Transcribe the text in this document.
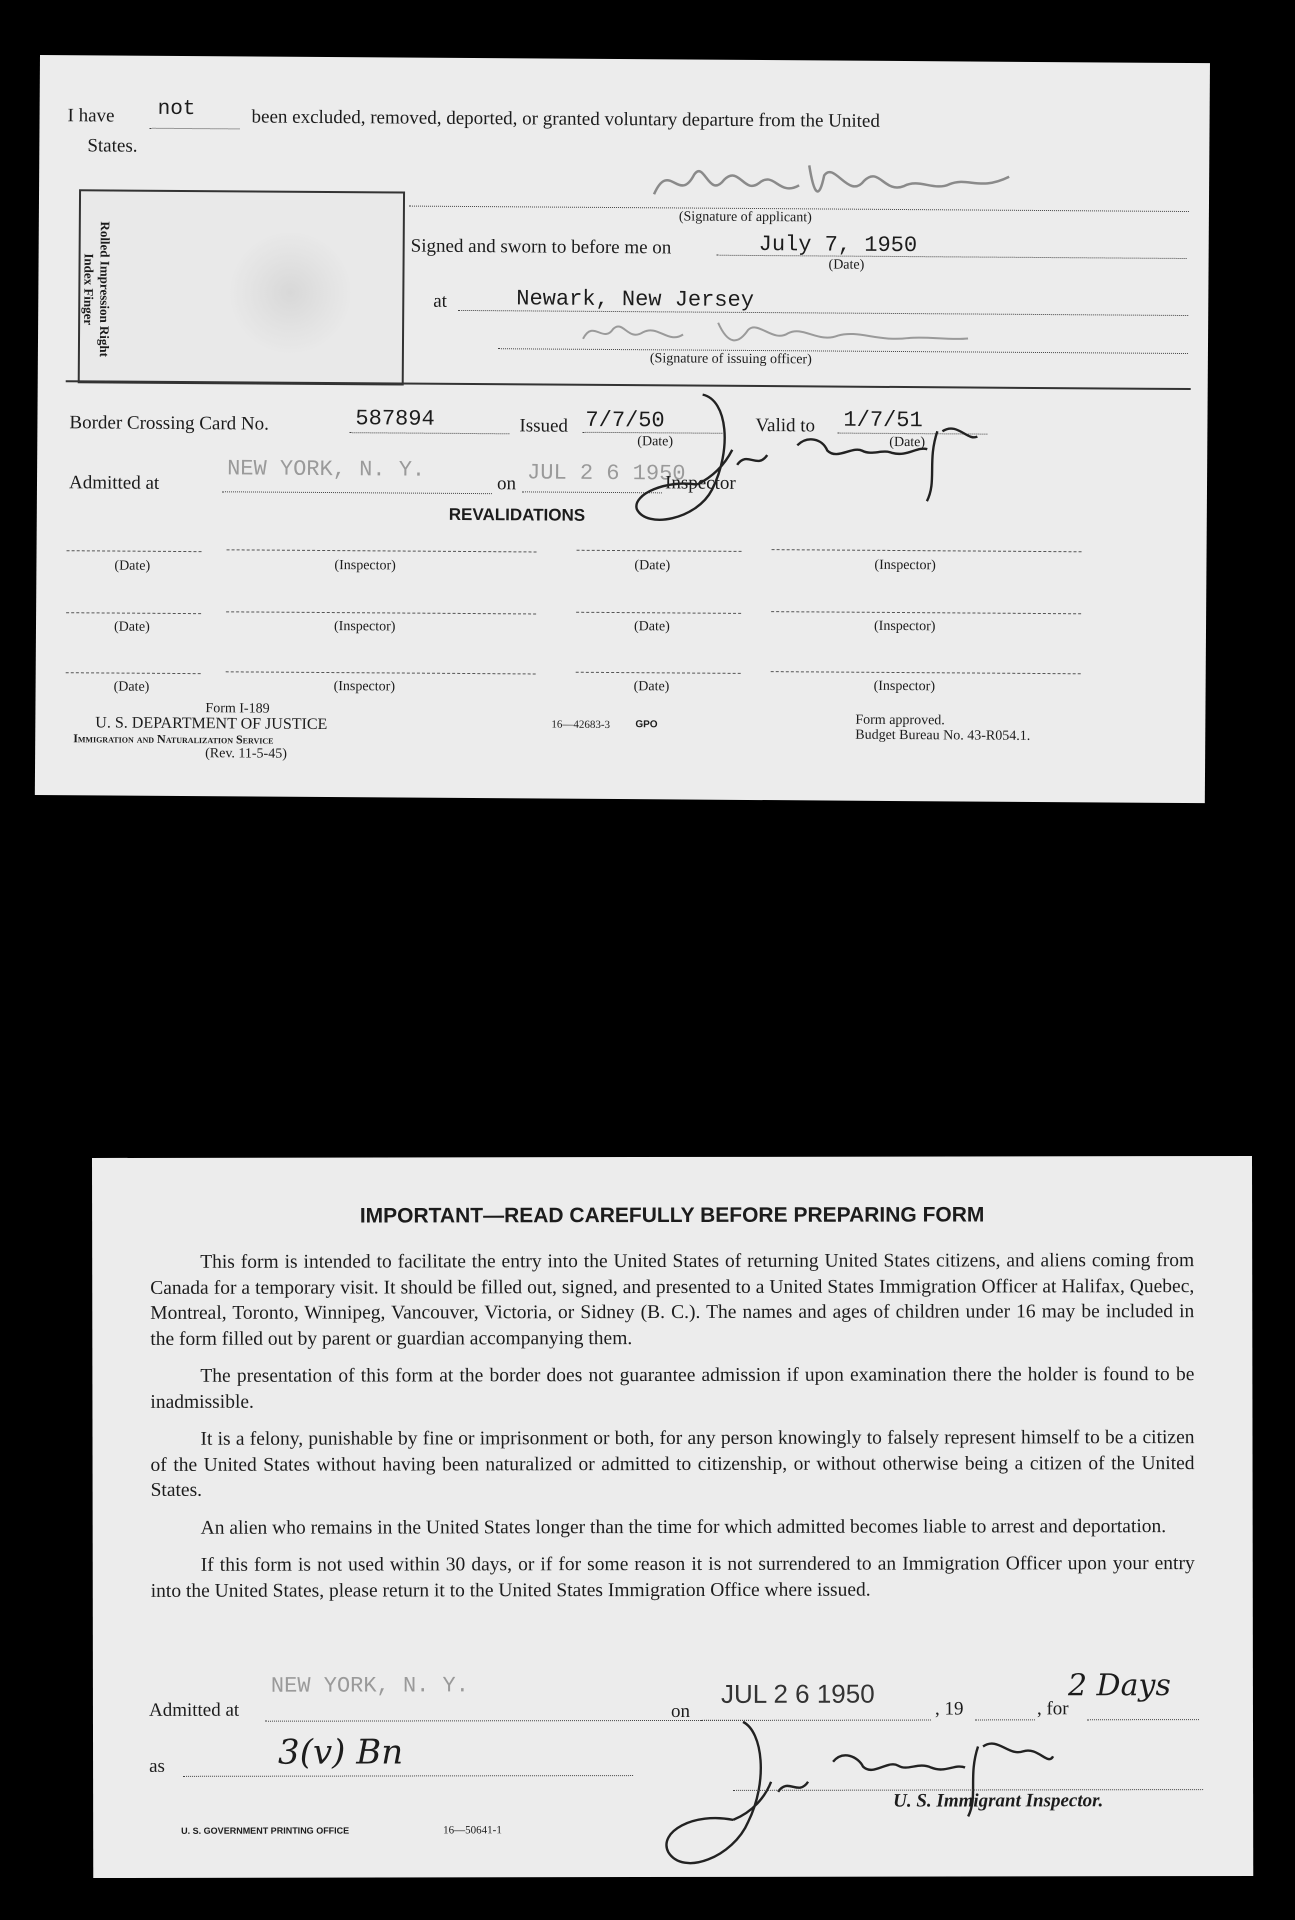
I have not	been excluded, removed, deported, or granted voluntary departure from the United
States.
(Signature of applicant)
Rolled Impression Right Index Finger
Signed and sworn to before me on	July 7, 1950
(Date)
at	Newark, New Jersey
(Signature of issuing officer)
Border Crossing Card No.	587894	Issued 7/7/50
(Date)
Valid to 1/7/51
(Date)
Admitted at
NEW YORK, N. Y.
on JUL 2 6 1950
Inspector
REVALIDATIONS
(Date)	(Inspector)	(Date)	(Inspector)
(Date)	(Inspector)	(Date)	(Inspector)
(Date)	(Inspector)	(Date)	(Inspector)
Form I-189
U. S. DEPARTMENT OF JUSTICE
Immigration and Naturalization Service
(Rev. 11-5-45)
16—42683-3	GPO	Form approved.
Budget Bureau No. 43-R054.1.
IMPORTANT—READ CAREFULLY BEFORE PREPARING FORM

This form is intended to facilitate the entry into the United States of returning United States citizens, and aliens coming from Canada for a temporary visit. It should be filled out, signed, and presented to a United States Immigration Officer at Halifax, Quebec, Montreal, Toronto, Winnipeg, Vancouver, Victoria, or Sidney (B. C.). The names and ages of children under 16 may be included in the form filled out by parent or guardian accompanying them.

The presentation of this form at the border does not guarantee admission if upon examination there the holder is found to be inadmissible.

It is a felony, punishable by fine or imprisonment or both, for any person knowingly to falsely represent himself to be a citizen of the United States without having been naturalized or admitted to citizenship, or without otherwise being a citizen of the United States.

An alien who remains in the United States longer than the time for which admitted becomes liable to arrest and deportation.

If this form is not used within 30 days, or if for some reason it is not surrendered to an Immigration Officer upon your entry into the United States, please return it to the United States Immigration Office where issued.

Admitted at
NEW YORK, N. Y.
on
JUL 2 6 1950
, 19	, for
2 Days
as	3(v) Bn
U. S. Immigrant Inspector.
U. S. GOVERNMENT PRINTING OFFICE	16—50641-1
